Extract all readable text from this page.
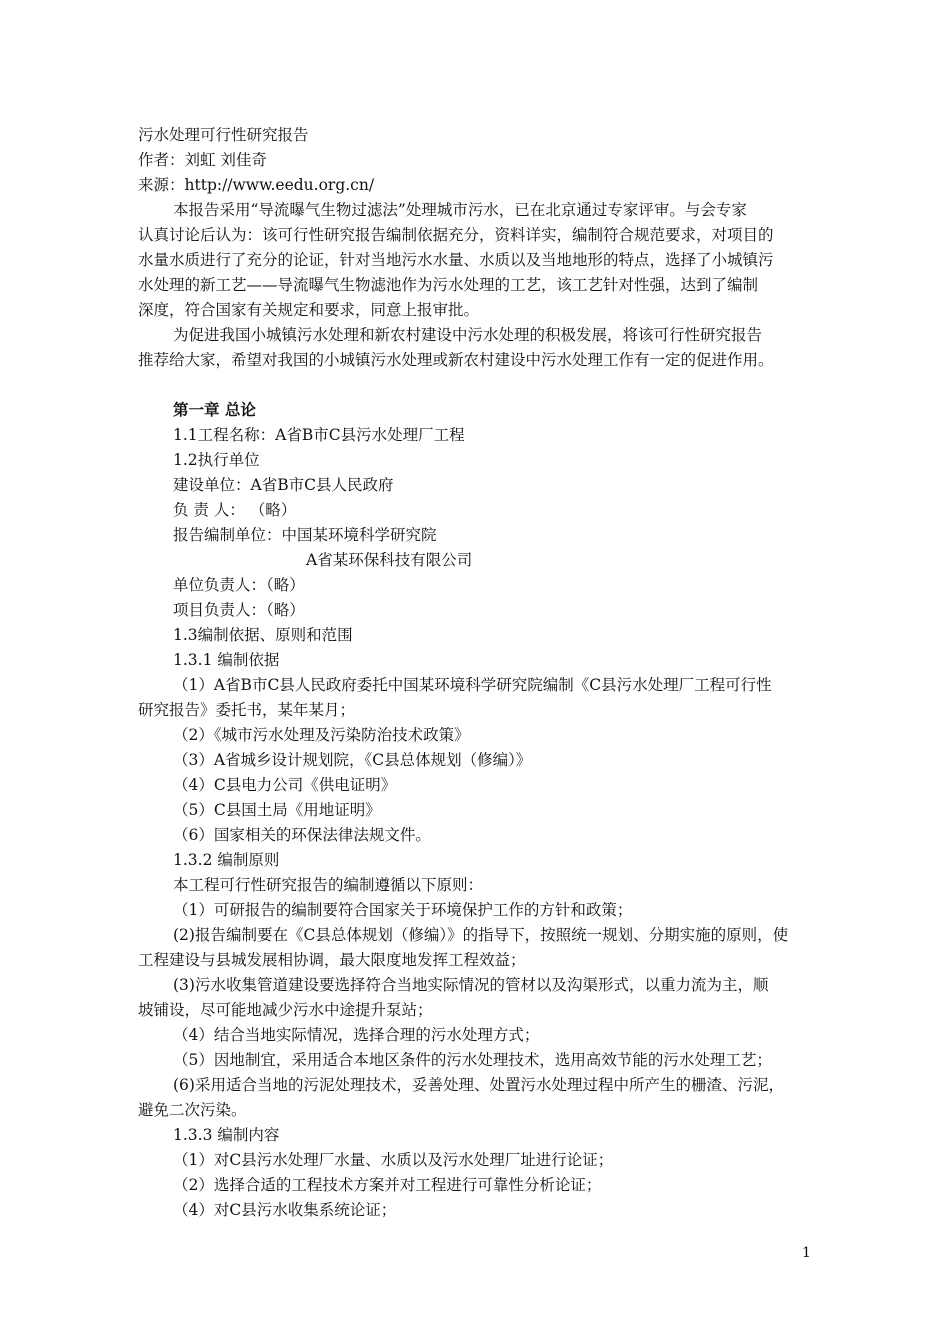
污水处理可行性研究报告
作者：刘虹 刘佳奇
来源：http://www.eedu.org.cn/
本报告采用“导流曝气生物过滤法”处理城市污水，已在北京通过专家评审。与会专家
认真讨论后认为：该可行性研究报告编制依据充分，资料详实，编制符合规范要求，对项目的
水量水质进行了充分的论证，针对当地污水水量、水质以及当地地形的特点，选择了小城镇污
水处理的新工艺——导流曝气生物滤池作为污水处理的工艺，该工艺针对性强，达到了编制
深度，符合国家有关规定和要求，同意上报审批。
为促进我国小城镇污水处理和新农村建设中污水处理的积极发展，将该可行性研究报告
推荐给大家，希望对我国的小城镇污水处理或新农村建设中污水处理工作有一定的促进作用。
第一章 总论
1.1工程名称：A省B市C县污水处理厂工程
1.2执行单位
建设单位：A省B市C县人民政府
负 责 人： （略）
报告编制单位：中国某环境科学研究院
A省某环保科技有限公司
单位负责人：（略）
项目负责人：（略）
1.3编制依据、原则和范围
1.3.1 编制依据
（1）A省B市C县人民政府委托中国某环境科学研究院编制《C县污水处理厂工程可行性
研究报告》委托书，某年某月；
（2）《城市污水处理及污染防治技术政策》
（3）A省城乡设计规划院，《C县总体规划（修编）》
（4）C县电力公司《供电证明》
（5）C县国土局《用地证明》
（6）国家相关的环保法律法规文件。
1.3.2 编制原则
本工程可行性研究报告的编制遵循以下原则：
（1）可研报告的编制要符合国家关于环境保护工作的方针和政策；
(2)报告编制要在《C县总体规划（修编）》的指导下，按照统一规划、分期实施的原则，使
工程建设与县城发展相协调，最大限度地发挥工程效益；
(3)污水收集管道建设要选择符合当地实际情况的管材以及沟渠形式，以重力流为主，顺
坡铺设，尽可能地减少污水中途提升泵站；
（4）结合当地实际情况，选择合理的污水处理方式；
（5）因地制宜，采用适合本地区条件的污水处理技术，选用高效节能的污水处理工艺；
(6)采用适合当地的污泥处理技术，妥善处理、处置污水处理过程中所产生的栅渣、污泥，
避免二次污染。
1.3.3 编制内容
（1）对C县污水处理厂水量、水质以及污水处理厂址进行论证；
（2）选择合适的工程技术方案并对工程进行可靠性分析论证；
（4）对C县污水收集系统论证；
1
